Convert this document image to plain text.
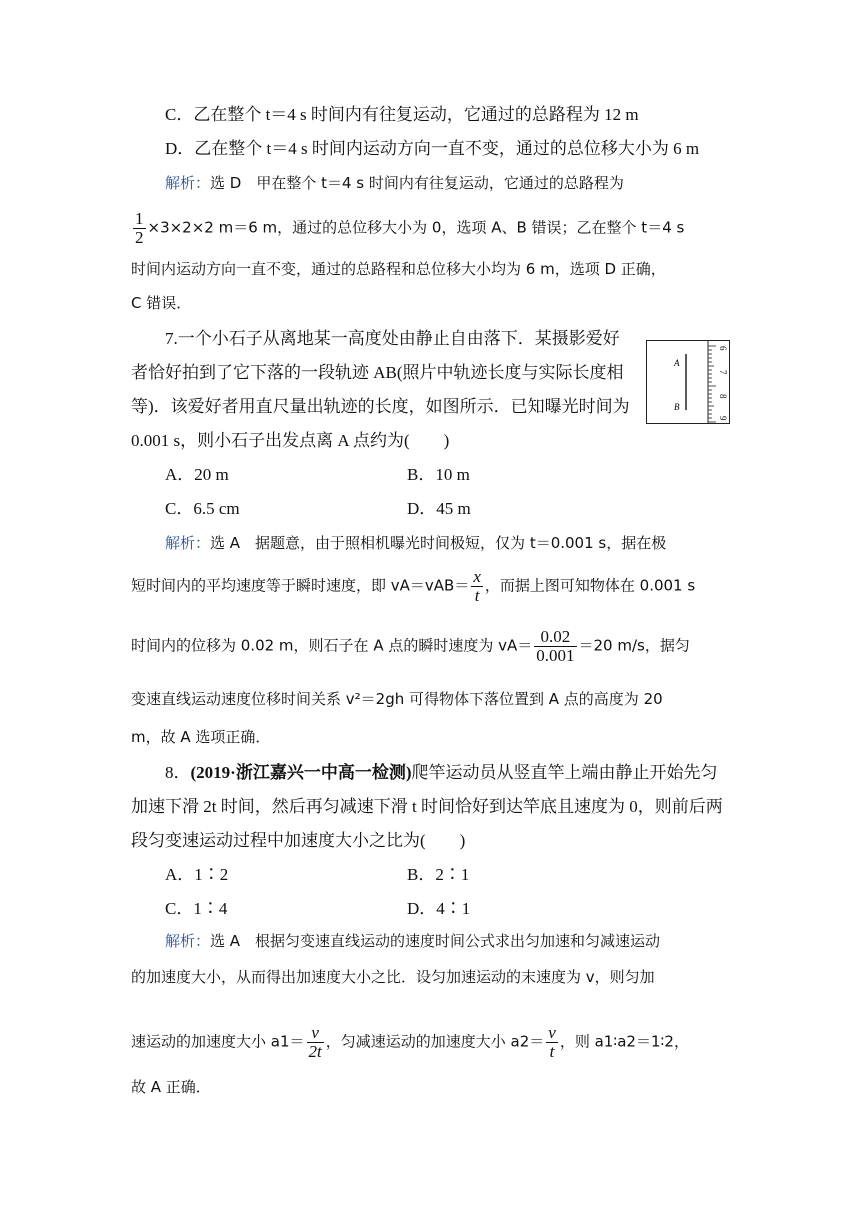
C．乙在整个 t＝4 s 时间内有往复运动，它通过的总路程为 12 m
D．乙在整个 t＝4 s 时间内运动方向一直不变，通过的总位移大小为 6 m
解析：选 D　甲在整个 t＝4 s 时间内有往复运动，它通过的总路程为
$\frac{1}{2} \times 3\times 2\times 2$ m＝6 m，通过的总位移大小为 0，选项 A、B 错误；乙在整个 t＝4 s
时间内运动方向一直不变，通过的总路程和总位移大小均为 6 m，选项 D 正确，
C 错误．
7.一个小石子从离地某一高度处由静止自由落下．某摄影爱好
者恰好拍到了它下落的一段轨迹 AB(照片中轨迹长度与实际长度相
等)．该爱好者用直尺量出轨迹的长度，如图所示．已知曝光时间为
0.001 s，则小石子出发点离 A 点约为(　　)
A
B
6
7
8
9
A．20 m	B．10 m
C．6.5 cm	D．45 m
解析：选 A　据题意，由于照相机曝光时间极短，仅为 t＝0.001 s，据在极
短时间内的平均速度等于瞬时速度，即 $vA=vAB= \frac{x}{t}$ ，而据上图可知物体在 0.001 s
时间内的位移为 0.02 m，则石子在 A 点的瞬时速度为 $vA= \frac{0.02}{0.001} =20$ m/s，据匀
变速直线运动速度位移时间关系 v²＝2gh 可得物体下落位置到 A 点的高度为 20
m，故 A 选项正确．
8．(2019·浙江嘉兴一中高一检测)爬竿运动员从竖直竿上端由静止开始先匀
加速下滑 2t 时间，然后再匀减速下滑 t 时间恰好到达竿底且速度为 0，则前后两
段匀变速运动过程中加速度大小之比为(　　)
A．1∶2	B．2∶1
C．1∶4	D．4∶1
解析：选 A　根据匀变速直线运动的速度时间公式求出匀加速和匀减速运动
的加速度大小，从而得出加速度大小之比．设匀加速运动的末速度为 v，则匀加
速运动的加速度大小 $a1= \frac{v}{2t}$ ，匀减速运动的加速度大小 $a2= \frac{v}{t}$ ，则 a1∶a2＝1∶2，
故 A 正确．
